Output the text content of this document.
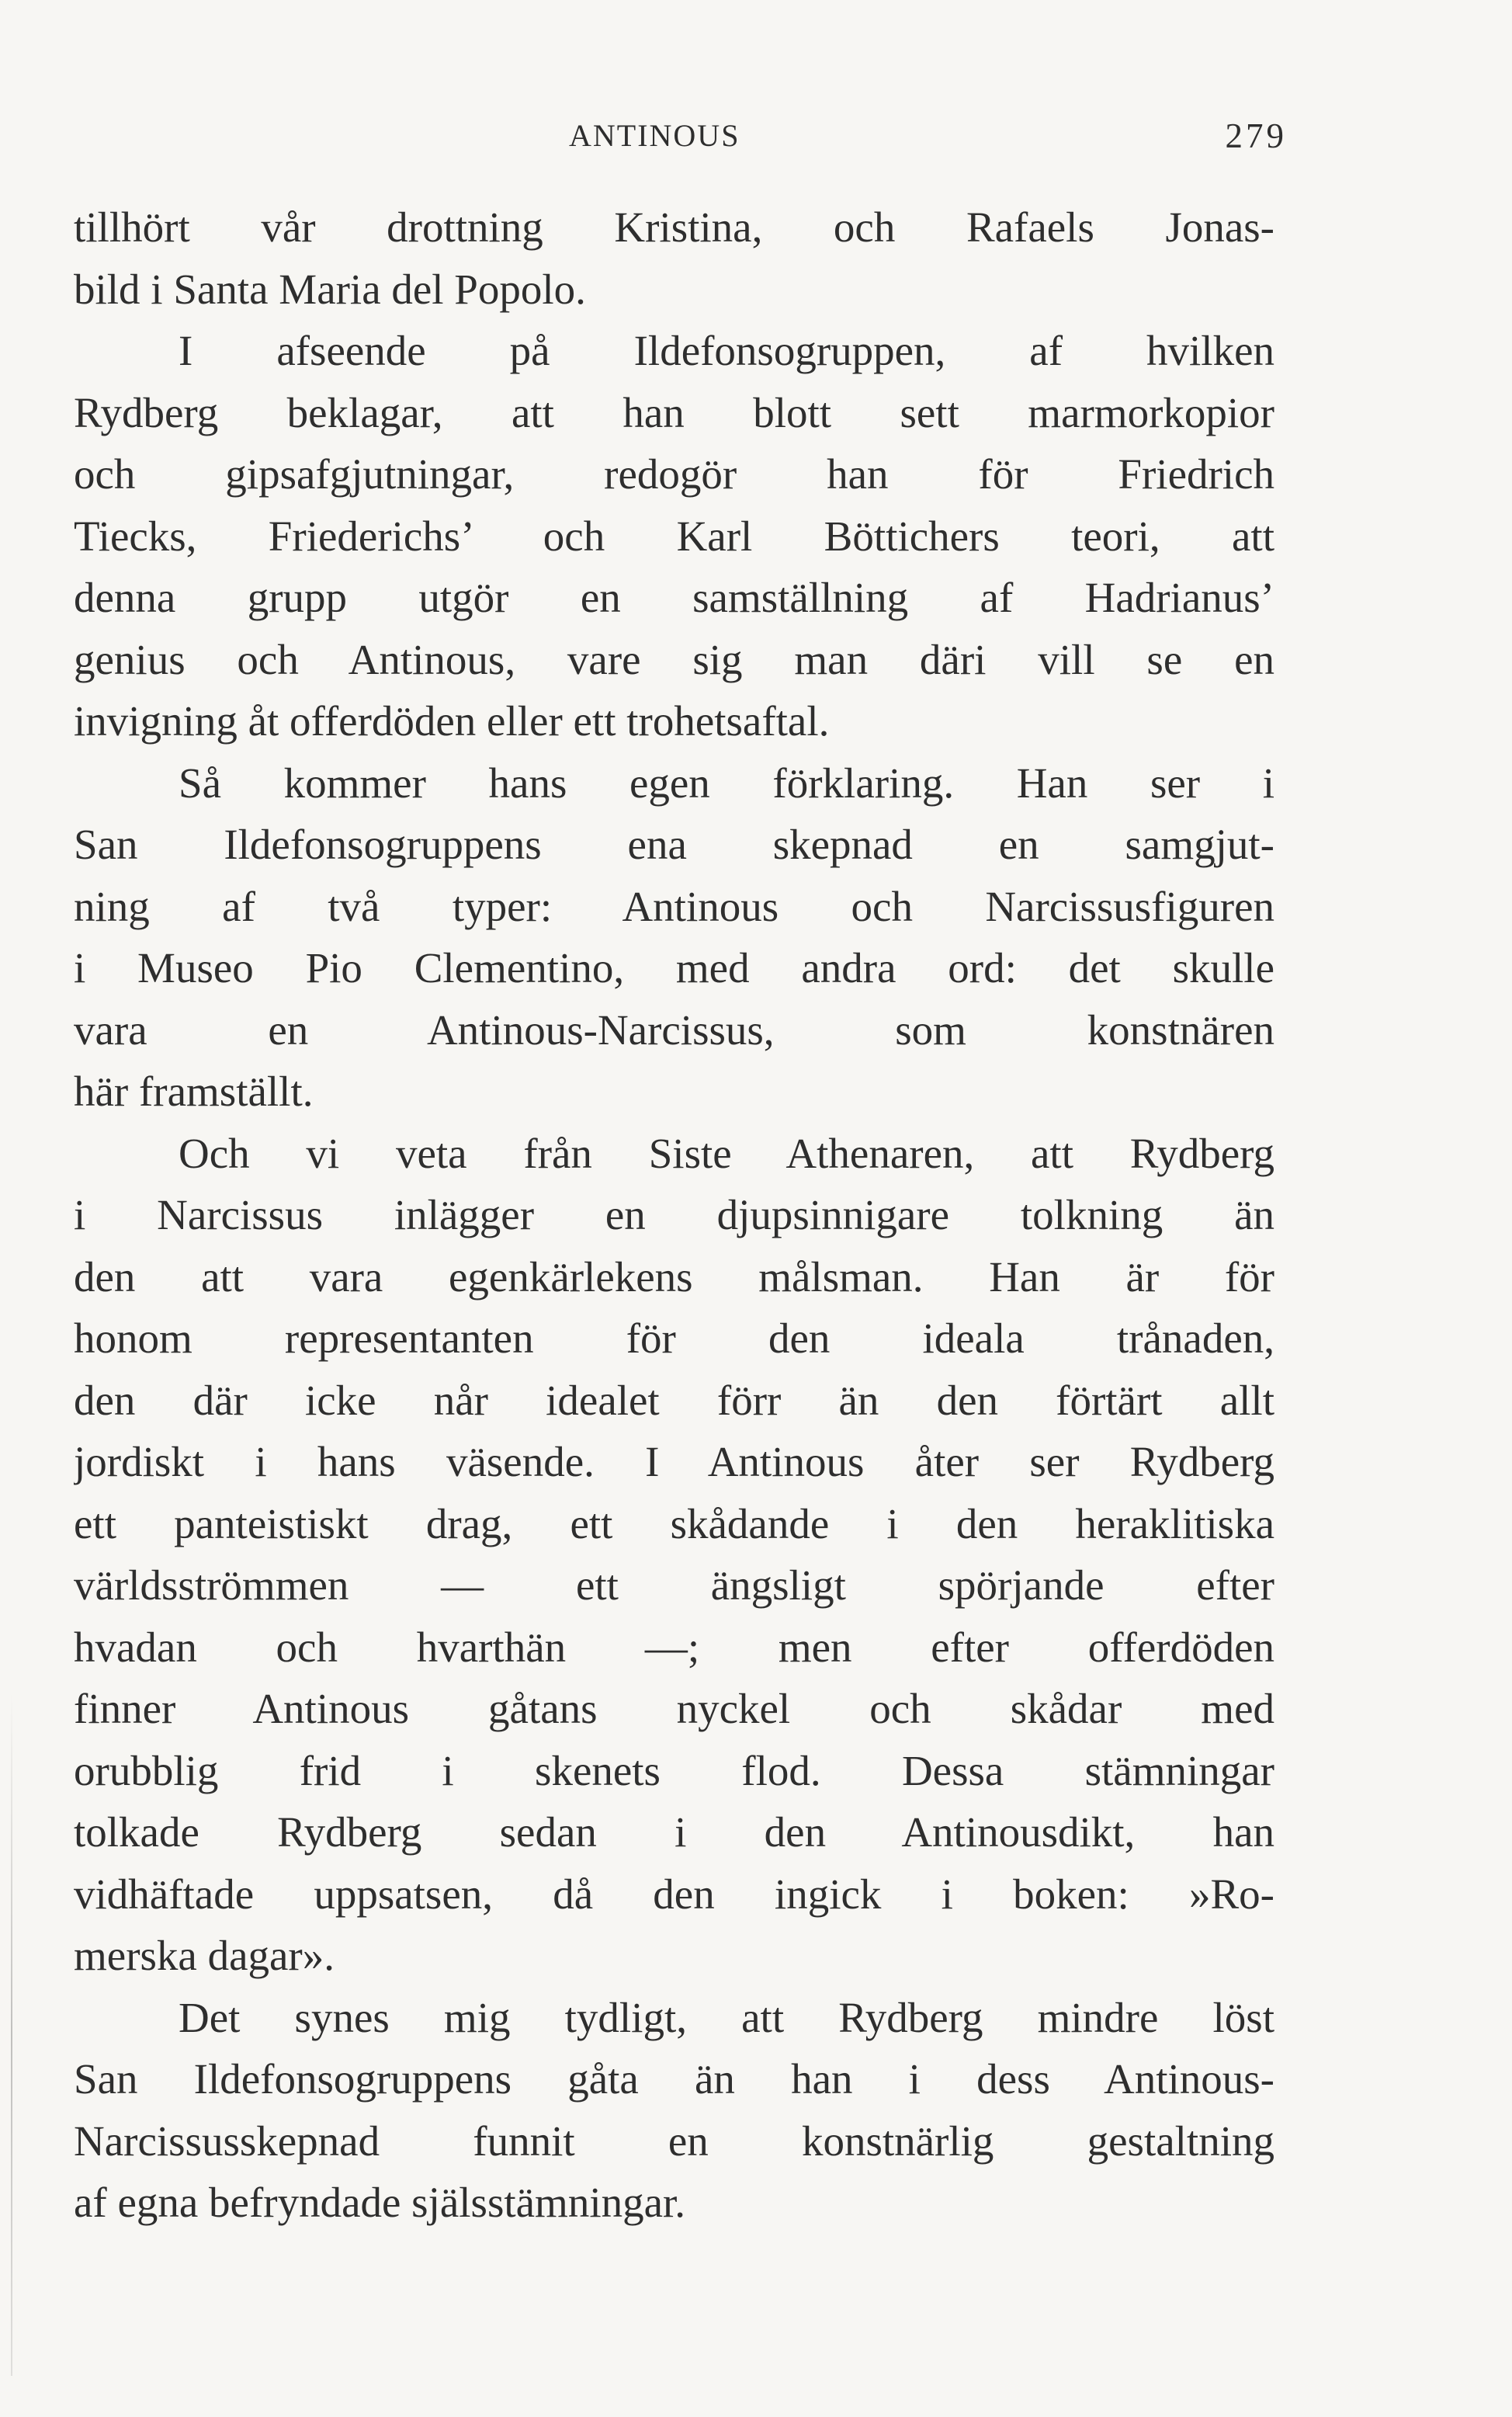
ANTINOUS	279
tillhört vår drottning Kristina, och Rafaels Jonas-
bild i Santa Maria del Popolo.
I afseende på Ildefonsogruppen, af hvilken
Rydberg beklagar, att han blott sett marmorkopior
och gipsafgjutningar, redogör han för Friedrich
Tiecks, Friederichs’ och Karl Böttichers teori, att
denna grupp utgör en samställning af Hadrianus’
genius och Antinous, vare sig man däri vill se en
invigning åt offerdöden eller ett trohetsaftal.
Så kommer hans egen förklaring. Han ser i
San Ildefonsogruppens ena skepnad en samgjut-
ning af två typer: Antinous och Narcissusfiguren
i Museo Pio Clementino, med andra ord: det skulle
vara en Antinous-Narcissus, som konstnären
här framställt.
Och vi veta från Siste Athenaren, att Rydberg
i Narcissus inlägger en djupsinnigare tolkning än
den att vara egenkärlekens målsman. Han är för
honom representanten för den ideala trånaden,
den där icke når idealet förr än den förtärt allt
jordiskt i hans väsende. I Antinous åter ser Rydberg
ett panteistiskt drag, ett skådande i den heraklitiska
världsströmmen — ett ängsligt spörjande efter
hvadan och hvarthän —; men efter offerdöden
finner Antinous gåtans nyckel och skådar med
orubblig frid i skenets flod. Dessa stämningar
tolkade Rydberg sedan i den Antinousdikt, han
vidhäftade uppsatsen, då den ingick i boken: »Ro-
merska dagar».
Det synes mig tydligt, att Rydberg mindre löst
San Ildefonsogruppens gåta än han i dess Antinous-
Narcissusskepnad funnit en konstnärlig gestaltning
af egna befryndade själsstämningar.
